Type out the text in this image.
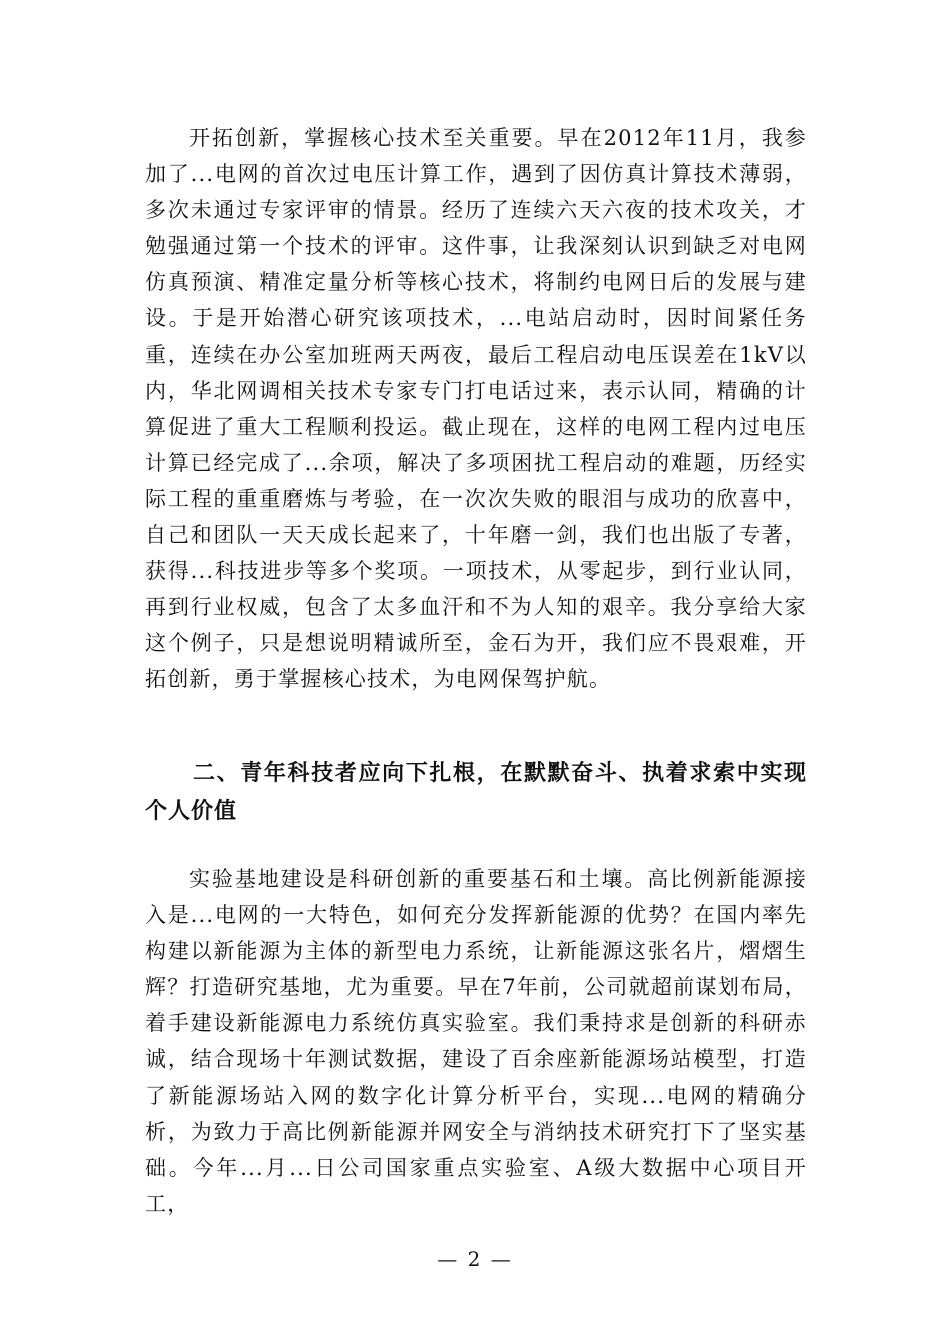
开拓创新，掌握核心技术至关重要。早在2012年11月，我参加了...电网的首次过电压计算工作，遇到了因仿真计算技术薄弱，多次未通过专家评审的情景。经历了连续六天六夜的技术攻关，才勉强通过第一个技术的评审。这件事，让我深刻认识到缺乏对电网仿真预演、精准定量分析等核心技术，将制约电网日后的发展与建设。于是开始潜心研究该项技术，...电站启动时，因时间紧任务重，连续在办公室加班两天两夜，最后工程启动电压误差在1kV以内，华北网调相关技术专家专门打电话过来，表示认同，精确的计算促进了重大工程顺利投运。截止现在，这样的电网工程内过电压计算已经完成了...余项，解决了多项困扰工程启动的难题，历经实际工程的重重磨炼与考验，在一次次失败的眼泪与成功的欣喜中，自己和团队一天天成长起来了，十年磨一剑，我们也出版了专著，获得...科技进步等多个奖项。一项技术，从零起步，到行业认同，再到行业权威，包含了太多血汗和不为人知的艰辛。我分享给大家这个例子，只是想说明精诚所至，金石为开，我们应不畏艰难，开拓创新，勇于掌握核心技术，为电网保驾护航。

二、青年科技者应向下扎根，在默默奋斗、执着求索中实现个人价值

实验基地建设是科研创新的重要基石和土壤。高比例新能源接入是...电网的一大特色，如何充分发挥新能源的优势？在国内率先构建以新能源为主体的新型电力系统，让新能源这张名片，熠熠生辉？打造研究基地，尤为重要。早在7年前，公司就超前谋划布局，着手建设新能源电力系统仿真实验室。我们秉持求是创新的科研赤诚，结合现场十年测试数据，建设了百余座新能源场站模型，打造了新能源场站入网的数字化计算分析平台，实现...电网的精确分析，为致力于高比例新能源并网安全与消纳技术研究打下了坚实基础。今年...月...日公司国家重点实验室、A级大数据中心项目开工，

— 2 —
